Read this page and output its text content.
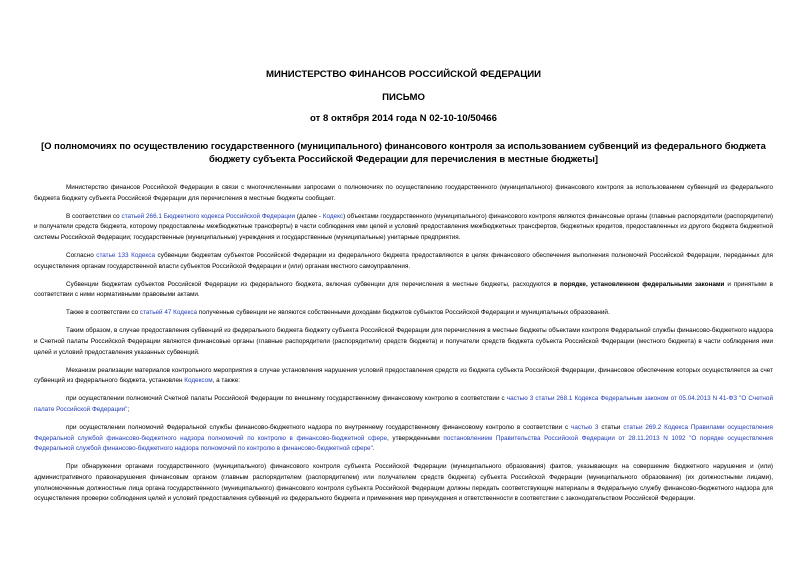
МИНИСТЕРСТВО ФИНАНСОВ РОССИЙСКОЙ ФЕДЕРАЦИИ
ПИСЬМО
от 8 октября 2014 года N 02-10-10/50466
[О полномочиях по осуществлению государственного (муниципального) финансового контроля за использованием субвенций из федерального бюджета бюджету субъекта Российской Федерации для перечисления в местные бюджеты]

Министерство финансов Российской Федерации в связи с многочисленными запросами о полномочиях по осуществлению государственного (муниципального) финансового контроля за использованием субвенций из федерального бюджета бюджету субъекта Российской Федерации для перечисления в местные бюджеты сообщает.

В соответствии со статьей 266.1 Бюджетного кодекса Российской Федерации (далее - Кодекс) объектами государственного (муниципального) финансового контроля являются финансовые органы (главные распорядители (распорядители) и получатели средств бюджета, которому предоставлены межбюджетные трансферты) в части соблюдения ими целей и условий предоставления межбюджетных трансфертов, бюджетных кредитов, предоставленных из другого бюджета бюджетной системы Российской Федерации; государственные (муниципальные) учреждения и государственные (муниципальные) унитарные предприятия.

Согласно статье 133 Кодекса субвенции бюджетам субъектов Российской Федерации из федерального бюджета предоставляются в целях финансового обеспечения выполнения полномочий Российской Федерации, переданных для осуществления органам государственной власти субъектов Российской Федерации и (или) органам местного самоуправления.

Субвенции бюджетам субъектов Российской Федерации из федерального бюджета, включая субвенции для перечисления в местные бюджеты, расходуются в порядке, установленном федеральными законами и принятыми в соответствии с ними нормативными правовыми актами.

Также в соответствии со статьей 47 Кодекса полученные субвенции не являются собственными доходами бюджетов субъектов Российской Федерации и муниципальных образований.

Таким образом, в случае предоставления субвенций из федерального бюджета бюджету субъекта Российской Федерации для перечисления в местные бюджеты объектами контроля Федеральной службы финансово-бюджетного надзора и Счетной палаты Российской Федерации являются финансовые органы (главные распорядители (распорядители) средств бюджета) и получатели средств бюджета субъекта Российской Федерации (местного бюджета) в части соблюдения ими целей и условий предоставления указанных субвенций.

Механизм реализации материалов контрольного мероприятия в случае установления нарушения условий предоставления средств из бюджета субъекта Российской Федерации, финансовое обеспечение которых осуществляется за счет субвенций из федерального бюджета, установлен Кодексом, а также:

при осуществлении полномочий Счетной палаты Российской Федерации по внешнему государственному финансовому контролю в соответствии с частью 3 статьи 268.1 Кодекса Федеральным законом от 05.04.2013 N 41-ФЗ "О Счетной палате Российской Федерации";

при осуществлении полномочий Федеральной службы финансово-бюджетного надзора по внутреннему государственному финансовому контролю в соответствии с частью 3 статьи статьи 269.2 Кодекса Правилами осуществления Федеральной службой финансово-бюджетного надзора полномочий по контролю в финансово-бюджетной сфере, утвержденными постановлением Правительства Российской Федерации от 28.11.2013 N 1092 "О порядке осуществления Федеральной службой финансово-бюджетного надзора полномочий по контролю в финансово-бюджетной сфере".

При обнаружении органами государственного (муниципального) финансового контроля субъекта Российской Федерации (муниципального образования) фактов, указывающих на совершение бюджетного нарушения и (или) административного правонарушения финансовым органом (главным распорядителем (распорядителем) или получателем средств бюджета) субъекта Российской Федерации (муниципального образования) (их должностными лицами), уполномоченные должностные лица органа государственного (муниципального) финансового контроля субъекта Российской Федерации должны передать соответствующие материалы в Федеральную службу финансово-бюджетного надзора для осуществления проверки соблюдения целей и условий предоставления субвенций из федерального бюджета и применения мер принуждения и ответственности в соответствии с законодательством Российской Федерации.
